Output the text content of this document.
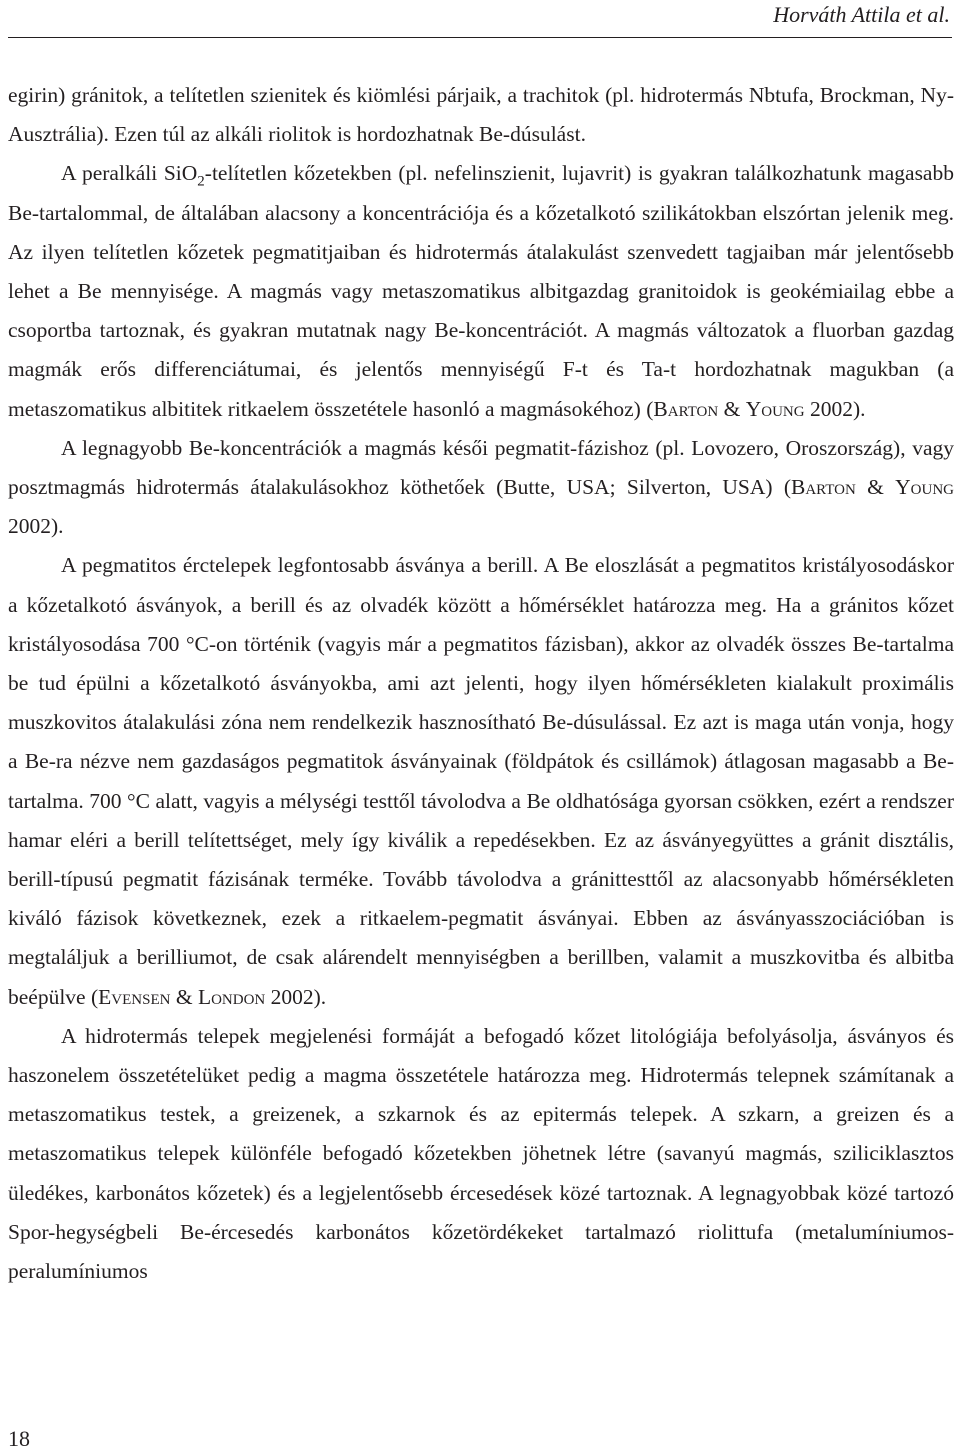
Horváth Attila et al.

egirin) gránitok, a telítetlen szienitek és kiömlési párjaik, a trachitok (pl. hidrotermás Nbtufa, Brockman, Ny-Ausztrália). Ezen túl az alkáli riolitok is hordozhatnak Be-dúsulást.

A peralkáli SiO$_2$-telítetlen kőzetekben (pl. nefelinszienit, lujavrit) is gyakran találkozhatunk magasabb Be-tartalommal, de általában alacsony a koncentrációja és a kőzetalkotó szilikátokban elszórtan jelenik meg. Az ilyen telítetlen kőzetek pegmatitjaiban és hidrotermás átalakulást szenvedett tagjaiban már jelentősebb lehet a Be mennyisége. A magmás vagy metaszomatikus albitgazdag granitoidok is geokémiailag ebbe a csoportba tartoznak, és gyakran mutatnak nagy Be-koncentrációt. A magmás változatok a fluorban gazdag magmák erős differenciátumai, és jelentős mennyiségű F-t és Ta-t hordozhatnak magukban (a metaszomatikus albititek ritkaelem összetétele hasonló a magmásokéhoz) (Barton & Young 2002).

A legnagyobb Be-koncentrációk a magmás késői pegmatit-fázishoz (pl. Lovozero, Oroszország), vagy posztmagmás hidrotermás átalakulásokhoz köthetőek (Butte, USA; Silverton, USA) (Barton & Young 2002).

A pegmatitos érctelepek legfontosabb ásványa a berill. A Be eloszlását a pegmatitos kristályosodáskor a kőzetalkotó ásványok, a berill és az olvadék között a hőmérséklet határozza meg. Ha a gránitos kőzet kristályosodása 700 °C-on történik (vagyis már a pegmatitos fázisban), akkor az olvadék összes Be-tartalma be tud épülni a kőzetalkotó ásványokba, ami azt jelenti, hogy ilyen hőmérsékleten kialakult proximális muszkovitos átalakulási zóna nem rendelkezik hasznosítható Be-dúsulással. Ez azt is maga után vonja, hogy a Be-ra nézve nem gazdaságos pegmatitok ásványainak (földpátok és csillámok) átlagosan magasabb a Be-tartalma. 700 °C alatt, vagyis a mélységi testtől távolodva a Be oldhatósága gyorsan csökken, ezért a rendszer hamar eléri a berill telítettséget, mely így kiválik a repedésekben. Ez az ásványegyüttes a gránit disztális, berill-típusú pegmatit fázisának terméke. Tovább távolodva a gránittesttől az alacsonyabb hőmérsékleten kiváló fázisok következnek, ezek a ritkaelem-pegmatit ásványai. Ebben az ásványasszociációban is megtaláljuk a berilliumot, de csak alárendelt mennyiségben a berillben, valamit a muszkovitba és albitba beépülve (Evensen & London 2002).

A hidrotermás telepek megjelenési formáját a befogadó kőzet litológiája befolyásolja, ásványos és haszonelem összetételüket pedig a magma összetétele határozza meg. Hidrotermás telepnek számítanak a metaszomatikus testek, a greizenek, a szkarnok és az epitermás telepek. A szkarn, a greizen és a metaszomatikus telepek különféle befogadó kőzetekben jöhetnek létre (savanyú magmás, sziliciklasztos üledékes, karbonátos kőzetek) és a legjelentősebb ércesedések közé tartoznak. A legnagyobbak közé tartozó Spor-hegységbeli Be-ércesedés karbonátos kőzetördékeket tartalmazó riolittufa (metalumíniumos-peralumíniumos

18
